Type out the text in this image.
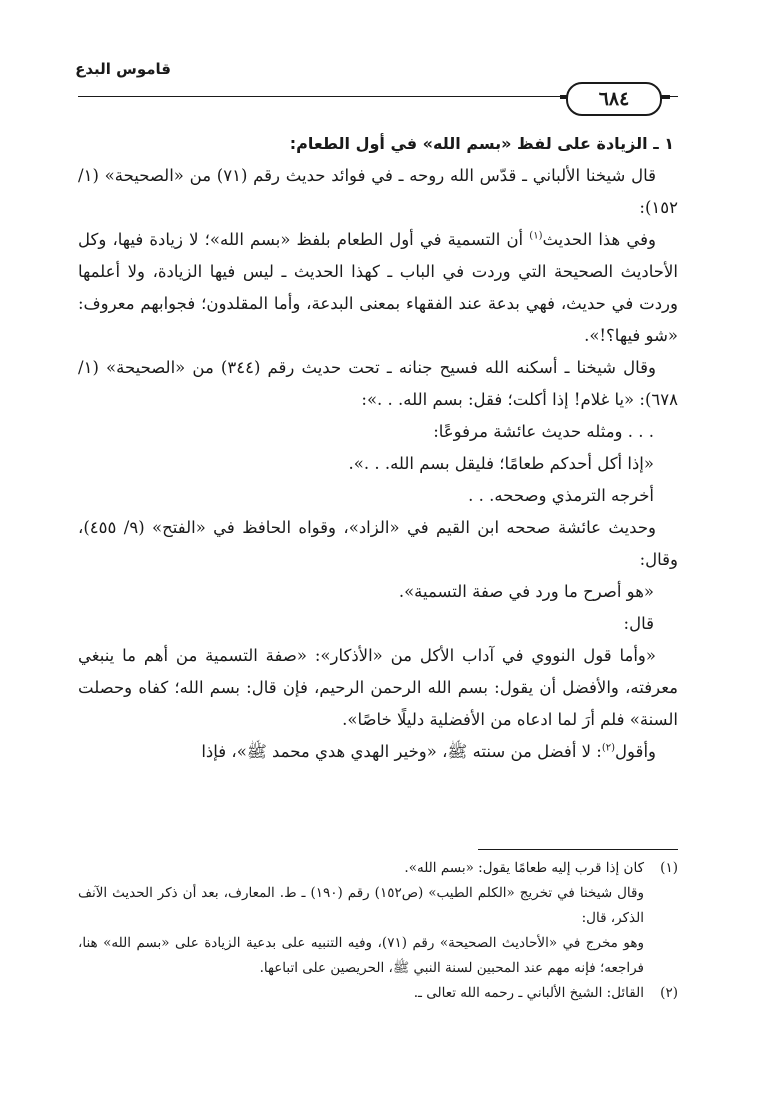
قاموس البدع
٦٨٤

١ ـ الزيادة على لفظ «بسم الله» في أول الطعام:

قال شيخنا الألباني ـ قدّس الله روحه ـ في فوائد حديث رقم (٧١) من «الصحيحة» (١/ ١٥٢):

وفي هذا الحديث$^{(١)}$ أن التسمية في أول الطعام بلفظ «بسم الله»؛ لا زيادة فيها، وكل الأحاديث الصحيحة التي وردت في الباب ـ كهذا الحديث ـ ليس فيها الزيادة، ولا أعلمها وردت في حديث، فهي بدعة عند الفقهاء بمعنى البدعة، وأما المقلدون؛ فجوابهم معروف: «شو فيها؟!».

وقال شيخنا ـ أسكنه الله فسيح جنانه ـ تحت حديث رقم (٣٤٤) من «الصحيحة» (١/ ٦٧٨): «يا غلام! إذا أكلت؛ فقل: بسم الله. . .»:

. . . ومثله حديث عائشة مرفوعًا:

«إذا أكل أحدكم طعامًا؛ فليقل بسم الله. . .».

أخرجه الترمذي وصححه. . .

وحديث عائشة صححه ابن القيم في «الزاد»، وقواه الحافظ في «الفتح» (٩/ ٤٥٥)، وقال:

«هو أصرح ما ورد في صفة التسمية».

قال:

«وأما قول النووي في آداب الأكل من «الأذكار»: «صفة التسمية من أهم ما ينبغي معرفته، والأفضل أن يقول: بسم الله الرحمن الرحيم، فإن قال: بسم الله؛ كفاه وحصلت السنة» فلم أرَ لما ادعاه من الأفضلية دليلًا خاصًا».

وأقول$^{(٢)}$: لا أفضل من سنته ﷺ، «وخير الهدي هدي محمد ﷺ»، فإذا

(١)

كان إذا قرب إليه طعامًا يقول: «بسم الله».

وقال شيخنا في تخريج «الكلم الطيب» (ص١٥٢) رقم (١٩٠) ـ ط. المعارف، بعد أن ذكر الحديث الآنف الذكر، قال:

وهو مخرج في «الأحاديث الصحيحة» رقم (٧١)، وفيه التنبيه على بدعية الزيادة على «بسم الله» هنا، فراجعه؛ فإنه مهم عند المحبين لسنة النبي ﷺ، الحريصين على اتباعها.

(٢)

القائل: الشيخ الألباني ـ رحمه الله تعالى ـ.
